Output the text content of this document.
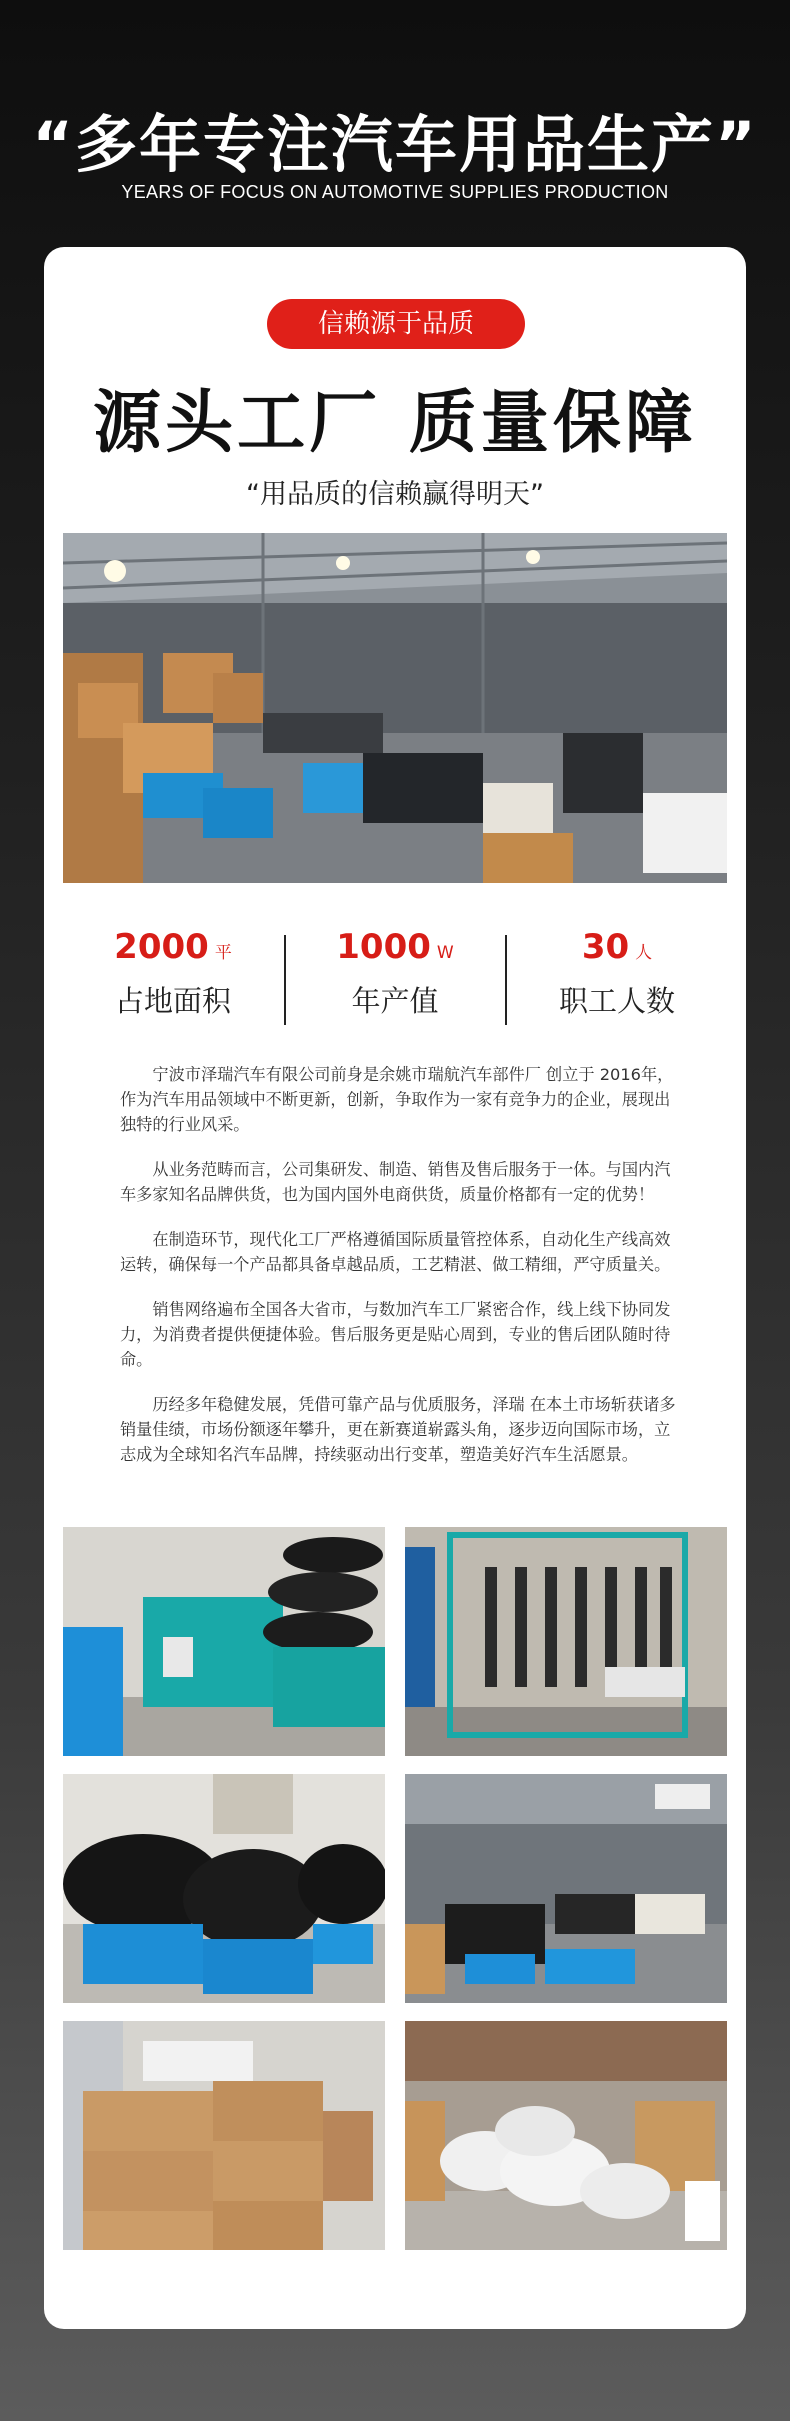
“多年专注汽车用品生产”
YEARS OF FOCUS ON AUTOMOTIVE SUPPLIES PRODUCTION
信赖源于品质
源头工厂 质量保障
“用品质的信赖赢得明天”
2000 平
占地面积
1000 W
年产值
30 人
职工人数

宁波市泽瑞汽车有限公司前身是余姚市瑞航汽车部件厂 创立于 2016年，作为汽车用品领域中不断更新，创新，争取作为一家有竞争力的企业，展现出独特的行业风采。

从业务范畴而言，公司集研发、制造、销售及售后服务于一体。与国内汽车多家知名品牌供货，也为国内国外电商供货，质量价格都有一定的优势！

在制造环节，现代化工厂严格遵循国际质量管控体系，自动化生产线高效运转，确保每一个产品都具备卓越品质，工艺精湛、做工精细，严守质量关。

销售网络遍布全国各大省市，与数加汽车工厂紧密合作，线上线下协同发力，为消费者提供便捷体验。售后服务更是贴心周到，专业的售后团队随时待命。

历经多年稳健发展，凭借可靠产品与优质服务，泽瑞 在本土市场斩获诸多销量佳绩，市场份额逐年攀升，更在新赛道崭露头角，逐步迈向国际市场，立志成为全球知名汽车品牌，持续驱动出行变革，塑造美好汽车生活愿景。
